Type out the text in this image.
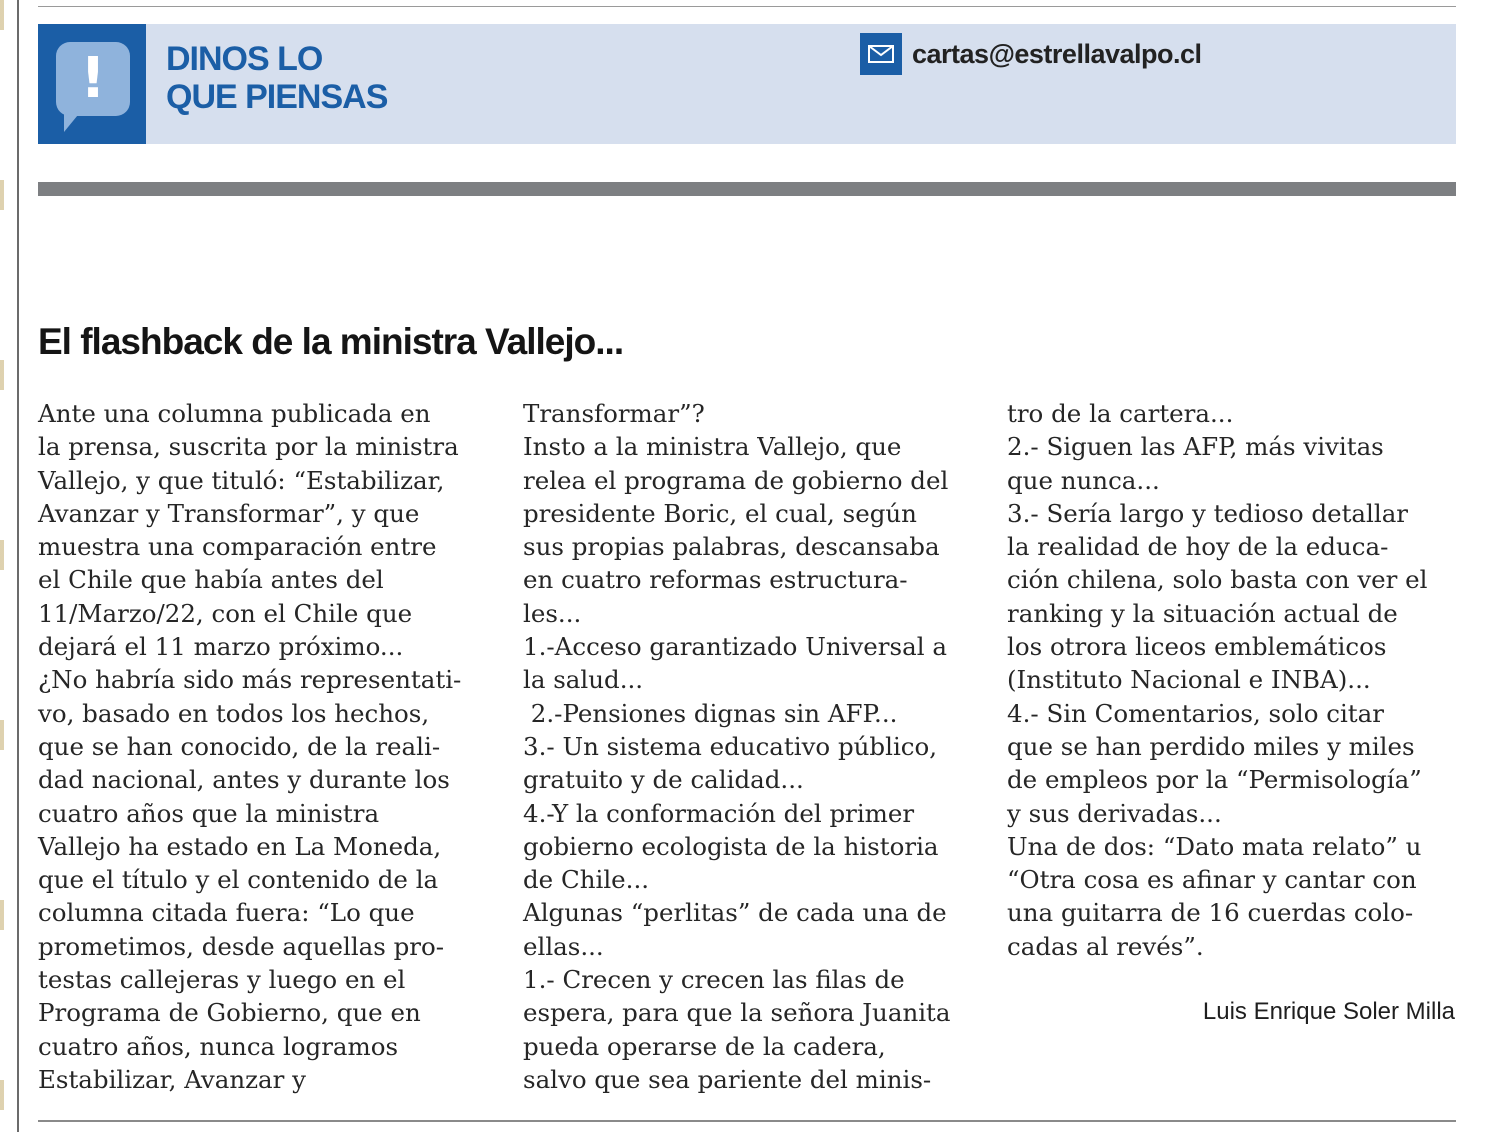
!	DINOS LO
QUE PIENSAS
cartas@estrellavalpo.cl
El flashback de la ministra Vallejo...
Ante una columna publicada en
la prensa, suscrita por la ministra
Vallejo, y que tituló: “Estabilizar,
Avanzar y Transformar”, y que
muestra una comparación entre
el Chile que había antes del
11/Marzo/22, con el Chile que
dejará el 11 marzo próximo...
¿No habría sido más representati-
vo, basado en todos los hechos,
que se han conocido, de la reali-
dad nacional, antes y durante los
cuatro años que la ministra
Vallejo ha estado en La Moneda,
que el título y el contenido de la
columna citada fuera: “Lo que
prometimos, desde aquellas pro-
testas callejeras y luego en el
Programa de Gobierno, que en
cuatro años, nunca logramos
Estabilizar, Avanzar y
Transformar”?
Insto a la ministra Vallejo, que
relea el programa de gobierno del
presidente Boric, el cual, según
sus propias palabras, descansaba
en cuatro reformas estructura-
les...
1.-Acceso garantizado Universal a
la salud...
2.-Pensiones dignas sin AFP...
3.- Un sistema educativo público,
gratuito y de calidad...
4.-Y la conformación del primer
gobierno ecologista de la historia
de Chile...
Algunas “perlitas” de cada una de
ellas...
1.- Crecen y crecen las filas de
espera, para que la señora Juanita
pueda operarse de la cadera,
salvo que sea pariente del minis-
tro de la cartera...
2.- Siguen las AFP, más vivitas
que nunca...
3.- Sería largo y tedioso detallar
la realidad de hoy de la educa-
ción chilena, solo basta con ver el
ranking y la situación actual de
los otrora liceos emblemáticos
(Instituto Nacional e INBA)...
4.- Sin Comentarios, solo citar
que se han perdido miles y miles
de empleos por la “Permisología”
y sus derivadas...
Una de dos: “Dato mata relato” u
“Otra cosa es afinar y cantar con
una guitarra de 16 cuerdas colo-
cadas al revés”.
Luis Enrique Soler Milla
